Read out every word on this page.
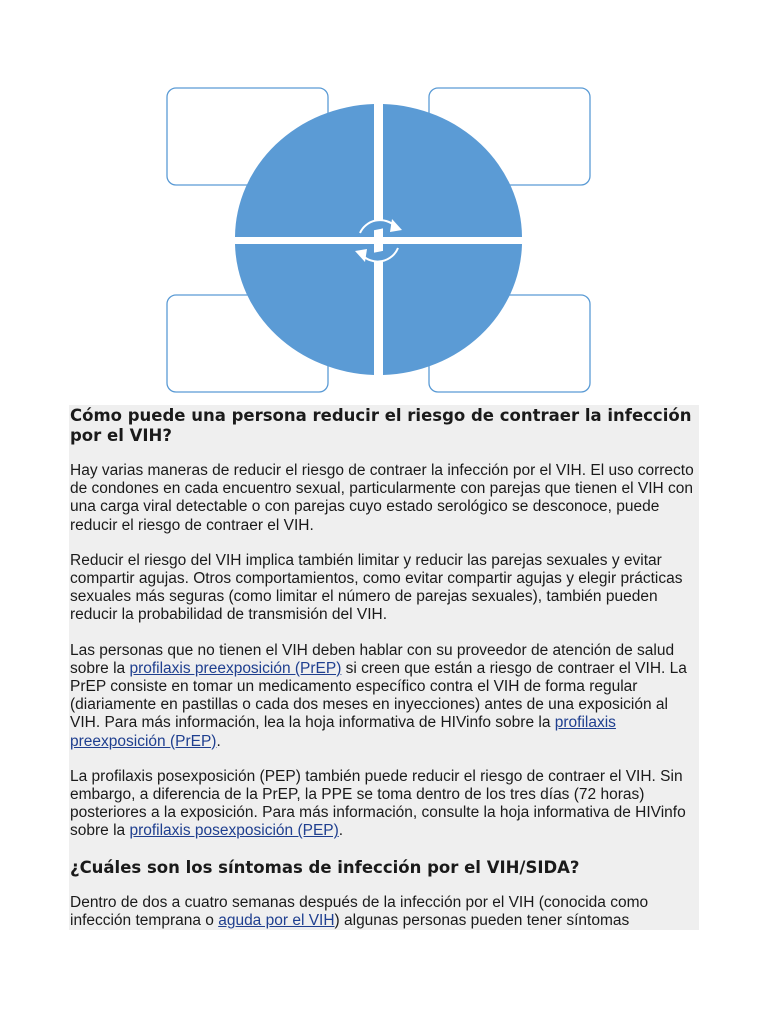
Cómo puede una persona reducir el riesgo de contraer la infección por el VIH?

Hay varias maneras de reducir el riesgo de contraer la infección por el VIH. El uso correcto de condones en cada encuentro sexual, particularmente con parejas que tienen el VIH con una carga viral detectable o con parejas cuyo estado serológico se desconoce, puede reducir el riesgo de contraer el VIH.

Reducir el riesgo del VIH implica también limitar y reducir las parejas sexuales y evitar compartir agujas. Otros comportamientos, como evitar compartir agujas y elegir prácticas sexuales más seguras (como limitar el número de parejas sexuales), también pueden reducir la probabilidad de transmisión del VIH.

Las personas que no tienen el VIH deben hablar con su proveedor de atención de salud sobre la profilaxis preexposición (PrEP) si creen que están a riesgo de contraer el VIH. La PrEP consiste en tomar un medicamento específico contra el VIH de forma regular (diariamente en pastillas o cada dos meses en inyecciones) antes de una exposición al VIH. Para más información, lea la hoja informativa de HIVinfo sobre la profilaxis preexposición (PrEP).

La profilaxis posexposición (PEP) también puede reducir el riesgo de contraer el VIH. Sin embargo, a diferencia de la PrEP, la PPE se toma dentro de los tres días (72 horas) posteriores a la exposición. Para más información, consulte la hoja informativa de HIVinfo sobre la profilaxis posexposición (PEP).

¿Cuáles son los síntomas de infección por el VIH/SIDA?

Dentro de dos a cuatro semanas después de la infección por el VIH (conocida como infección temprana o aguda por el VIH) algunas personas pueden tener síntomas
